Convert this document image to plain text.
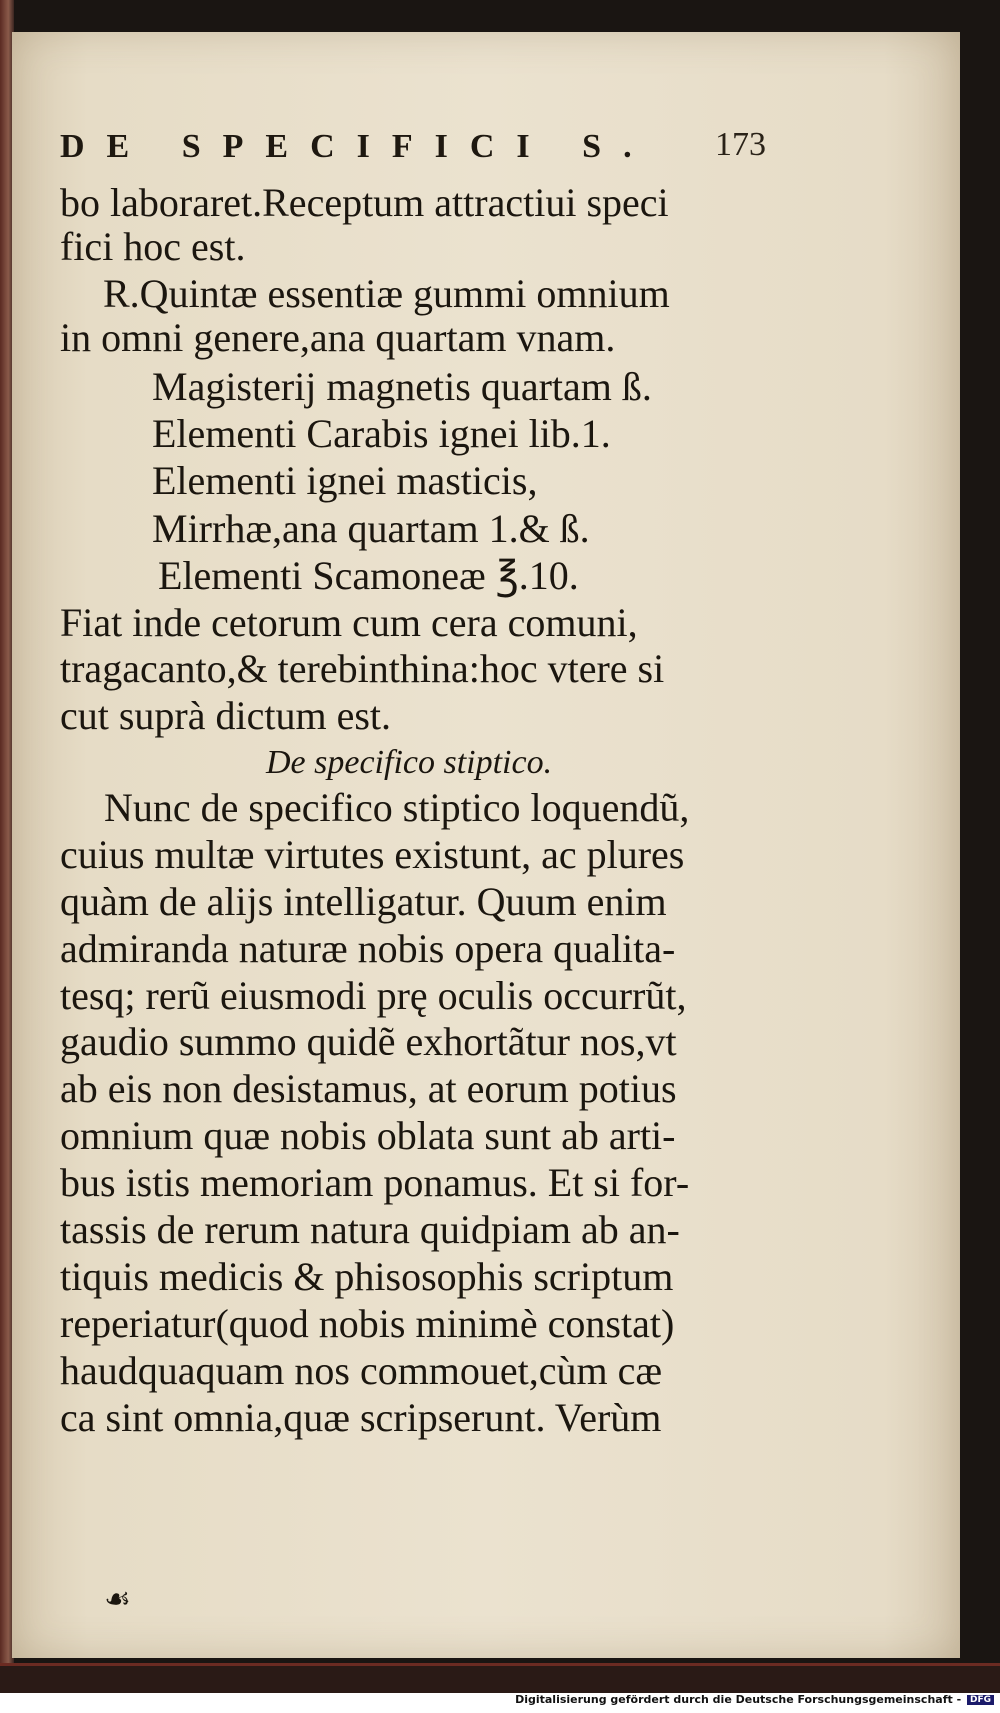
DE SPECIFICI S.	173
bo laboraret.Receptum attractiui speci
fici hoc est.
R.Quintæ essentiæ gummi omnium
in omni genere,ana quartam vnam.
Magisterij magnetis quartam ß.
Elementi Carabis ignei lib.1.
Elementi ignei masticis,
Mirrhæ,ana quartam 1.& ß.
Elementi Scamoneæ ℥.10.
Fiat inde cetorum cum cera comuni,
tragacanto,& terebinthina:hoc vtere si
cut suprà dictum est.
De specifico stiptico.
Nunc de specifico stiptico loquendũ,
cuius multæ virtutes existunt, ac plures
quàm de alijs intelligatur. Quum enim
admiranda naturæ nobis opera qualita-
tesq; rerũ eiusmodi prę oculis occurrũt,
gaudio summo quidẽ exhortãtur nos,vt
ab eis non desistamus, at eorum potius
omnium quæ nobis oblata sunt ab arti-
bus istis memoriam ponamus. Et si for-
tassis de rerum natura quidpiam ab an-
tiquis medicis & phisosophis scriptum
reperiatur(quod nobis minimè constat)
haudquaquam nos commouet,cùm cæ
ca sint omnia,quæ scripserunt. Verùm
☙
Digitalisierung gefördert durch die Deutsche Forschungsgemeinschaft - DFG
